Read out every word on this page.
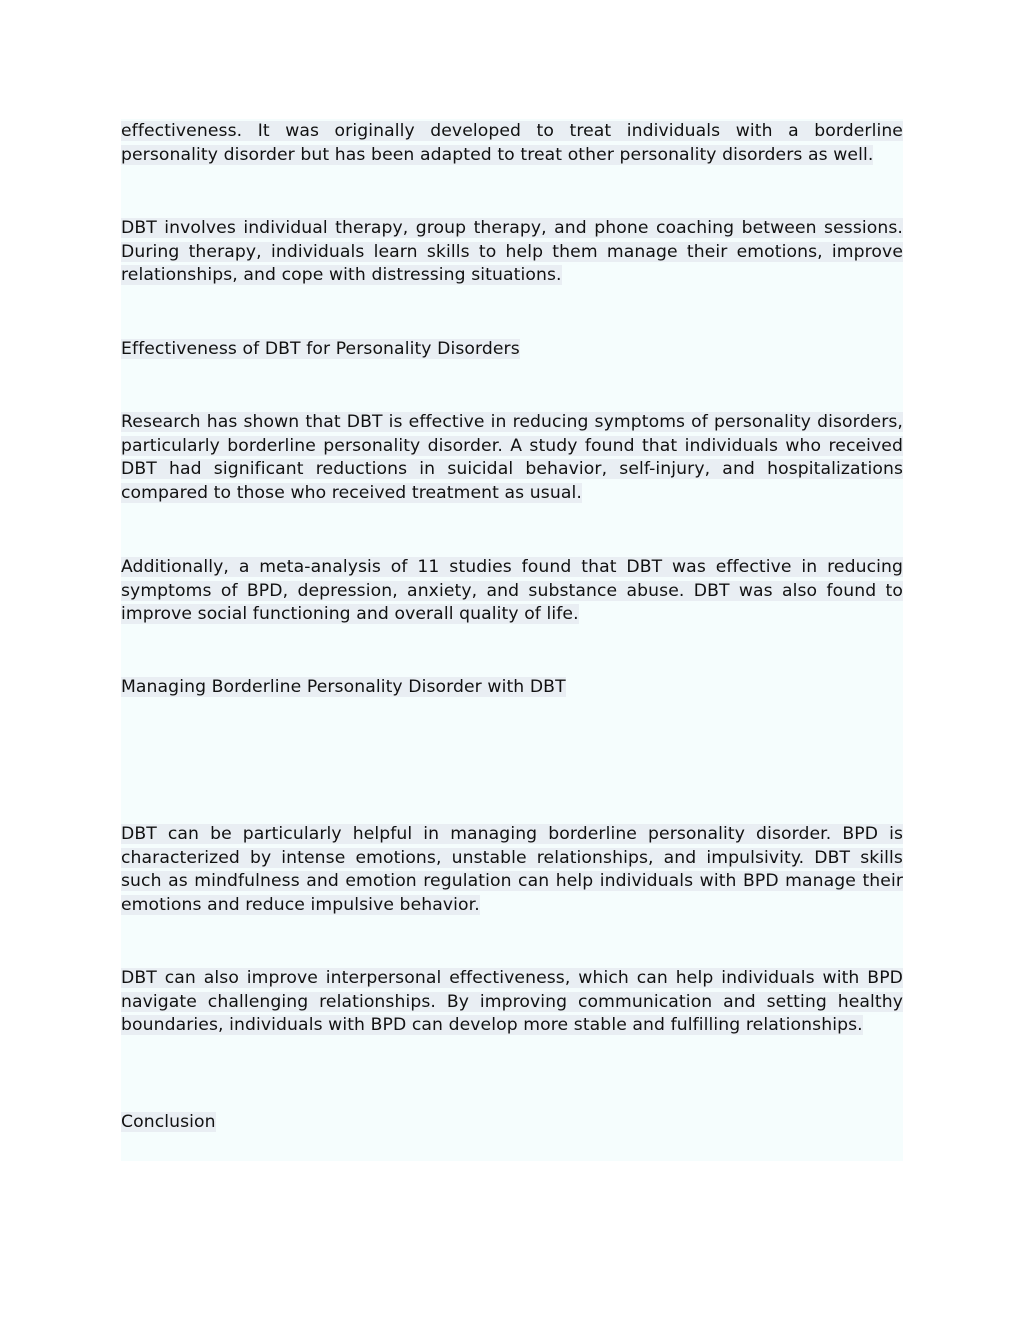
effectiveness. It was originally developed to treat individuals with a borderline personality disorder but has been adapted to treat other personality disorders as well.

DBT involves individual therapy, group therapy, and phone coaching between sessions. During therapy, individuals learn skills to help them manage their emotions, improve relationships, and cope with distressing situations.

Effectiveness of DBT for Personality Disorders

Research has shown that DBT is effective in reducing symptoms of personality disorders, particularly borderline personality disorder. A study found that individuals who received DBT had significant reductions in suicidal behavior, self-injury, and hospitalizations compared to those who received treatment as usual.

Additionally, a meta-analysis of 11 studies found that DBT was effective in reducing symptoms of BPD, depression, anxiety, and substance abuse. DBT was also found to improve social functioning and overall quality of life.

Managing Borderline Personality Disorder with DBT

DBT can be particularly helpful in managing borderline personality disorder. BPD is characterized by intense emotions, unstable relationships, and impulsivity. DBT skills such as mindfulness and emotion regulation can help individuals with BPD manage their emotions and reduce impulsive behavior.

DBT can also improve interpersonal effectiveness, which can help individuals with BPD navigate challenging relationships. By improving communication and setting healthy boundaries, individuals with BPD can develop more stable and fulfilling relationships.

Conclusion
